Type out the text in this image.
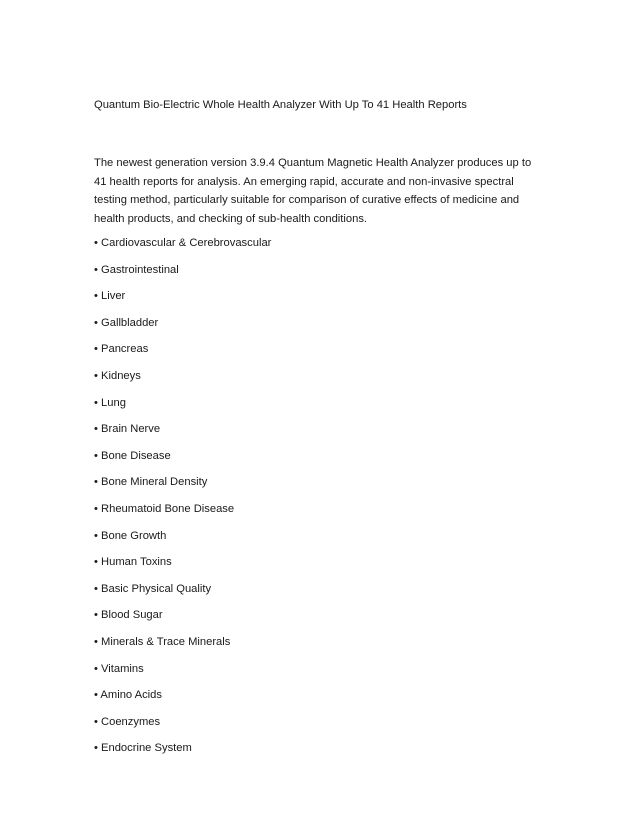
Quantum Bio-Electric Whole Health Analyzer With Up To 41 Health Reports

The newest generation version 3.9.4 Quantum Magnetic Health Analyzer produces up to 41 health reports for analysis. An emerging rapid, accurate and non-invasive spectral testing method, particularly suitable for comparison of curative effects of medicine and health products, and checking of sub-health conditions.

• Cardiovascular & Cerebrovascular
• Gastrointestinal
• Liver
• Gallbladder
• Pancreas
• Kidneys
• Lung
• Brain Nerve
• Bone Disease
• Bone Mineral Density
• Rheumatoid Bone Disease
• Bone Growth
• Human Toxins
• Basic Physical Quality
• Blood Sugar
• Minerals & Trace Minerals
• Vitamins
• Amino Acids
• Coenzymes
• Endocrine System
